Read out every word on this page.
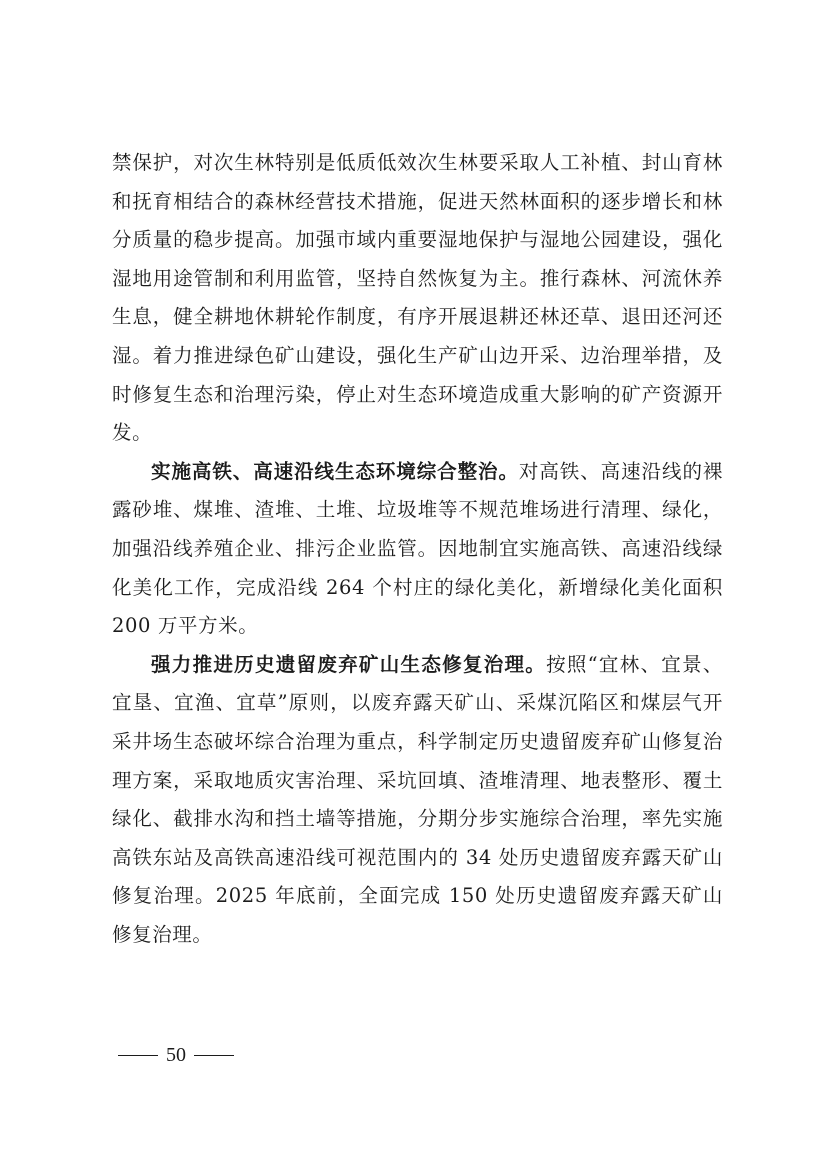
禁保护，对次生林特别是低质低效次生林要采取人工补植、封山育林和抚育相结合的森林经营技术措施，促进天然林面积的逐步增长和林分质量的稳步提高。加强市域内重要湿地保护与湿地公园建设，强化湿地用途管制和利用监管，坚持自然恢复为主。推行森林、河流休养生息，健全耕地休耕轮作制度，有序开展退耕还林还草、退田还河还湿。着力推进绿色矿山建设，强化生产矿山边开采、边治理举措，及时修复生态和治理污染，停止对生态环境造成重大影响的矿产资源开发。

实施高铁、高速沿线生态环境综合整治。对高铁、高速沿线的裸露砂堆、煤堆、渣堆、土堆、垃圾堆等不规范堆场进行清理、绿化，加强沿线养殖企业、排污企业监管。因地制宜实施高铁、高速沿线绿化美化工作，完成沿线 264 个村庄的绿化美化，新增绿化美化面积 200 万平方米。

强力推进历史遗留废弃矿山生态修复治理。按照“宜林、宜景、宜垦、宜渔、宜草”原则，以废弃露天矿山、采煤沉陷区和煤层气开采井场生态破坏综合治理为重点，科学制定历史遗留废弃矿山修复治理方案，采取地质灾害治理、采坑回填、渣堆清理、地表整形、覆土绿化、截排水沟和挡土墙等措施，分期分步实施综合治理，率先实施高铁东站及高铁高速沿线可视范围内的 34 处历史遗留废弃露天矿山修复治理。2025 年底前，全面完成 150 处历史遗留废弃露天矿山修复治理。

50
